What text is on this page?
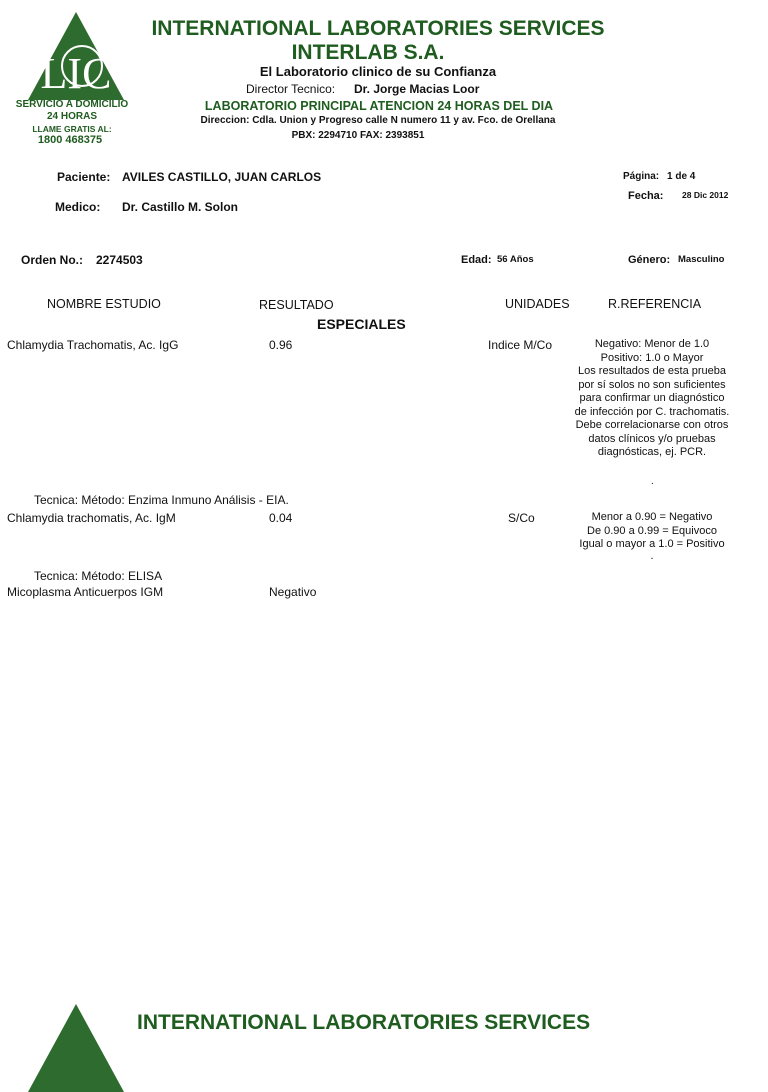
LIC
SERVICIO A DOMICILIO
24 HORAS
LLAME GRATIS AL:
1800 468375
INTERNATIONAL LABORATORIES SERVICES
INTERLAB S.A.
El Laboratorio clinico de su Confianza
Director Tecnico: Dr. Jorge Macias Loor
LABORATORIO PRINCIPAL ATENCION 24 HORAS DEL DIA
Direccion: Cdla. Union y Progreso calle N numero 11 y av. Fco. de Orellana
PBX: 2294710 FAX: 2393851
Paciente: AVILES CASTILLO, JUAN CARLOS	Página: 1 de 4
Fecha: 28 Dic 2012
Medico: Dr. Castillo M. Solon
Orden No.: 2274503	Edad: 56 Años	Género: Masculino
NOMBRE ESTUDIO	RESULTADO	UNIDADES	R.REFERENCIA
ESPECIALES
Chlamydia Trachomatis, Ac. IgG	0.96	Indice M/Co	Negativo: Menor de 1.0
Positivo: 1.0 o Mayor
Los resultados de esta prueba
por sí solos no son suficientes
para confirmar un diagnóstico
de infección por C. trachomatis.
Debe correlacionarse con otros
datos clínicos y/o pruebas
diagnósticas, ej. PCR.
.
Tecnica: Método: Enzima Inmuno Análisis - EIA.
Chlamydia trachomatis, Ac. IgM	0.04	S/Co	Menor a 0.90 = Negativo
De 0.90 a 0.99 = Equivoco
Igual o mayor a 1.0 = Positivo
.
Tecnica: Método: ELISA
Micoplasma Anticuerpos IGM	Negativo
INTERNATIONAL LABORATORIES SERVICES
